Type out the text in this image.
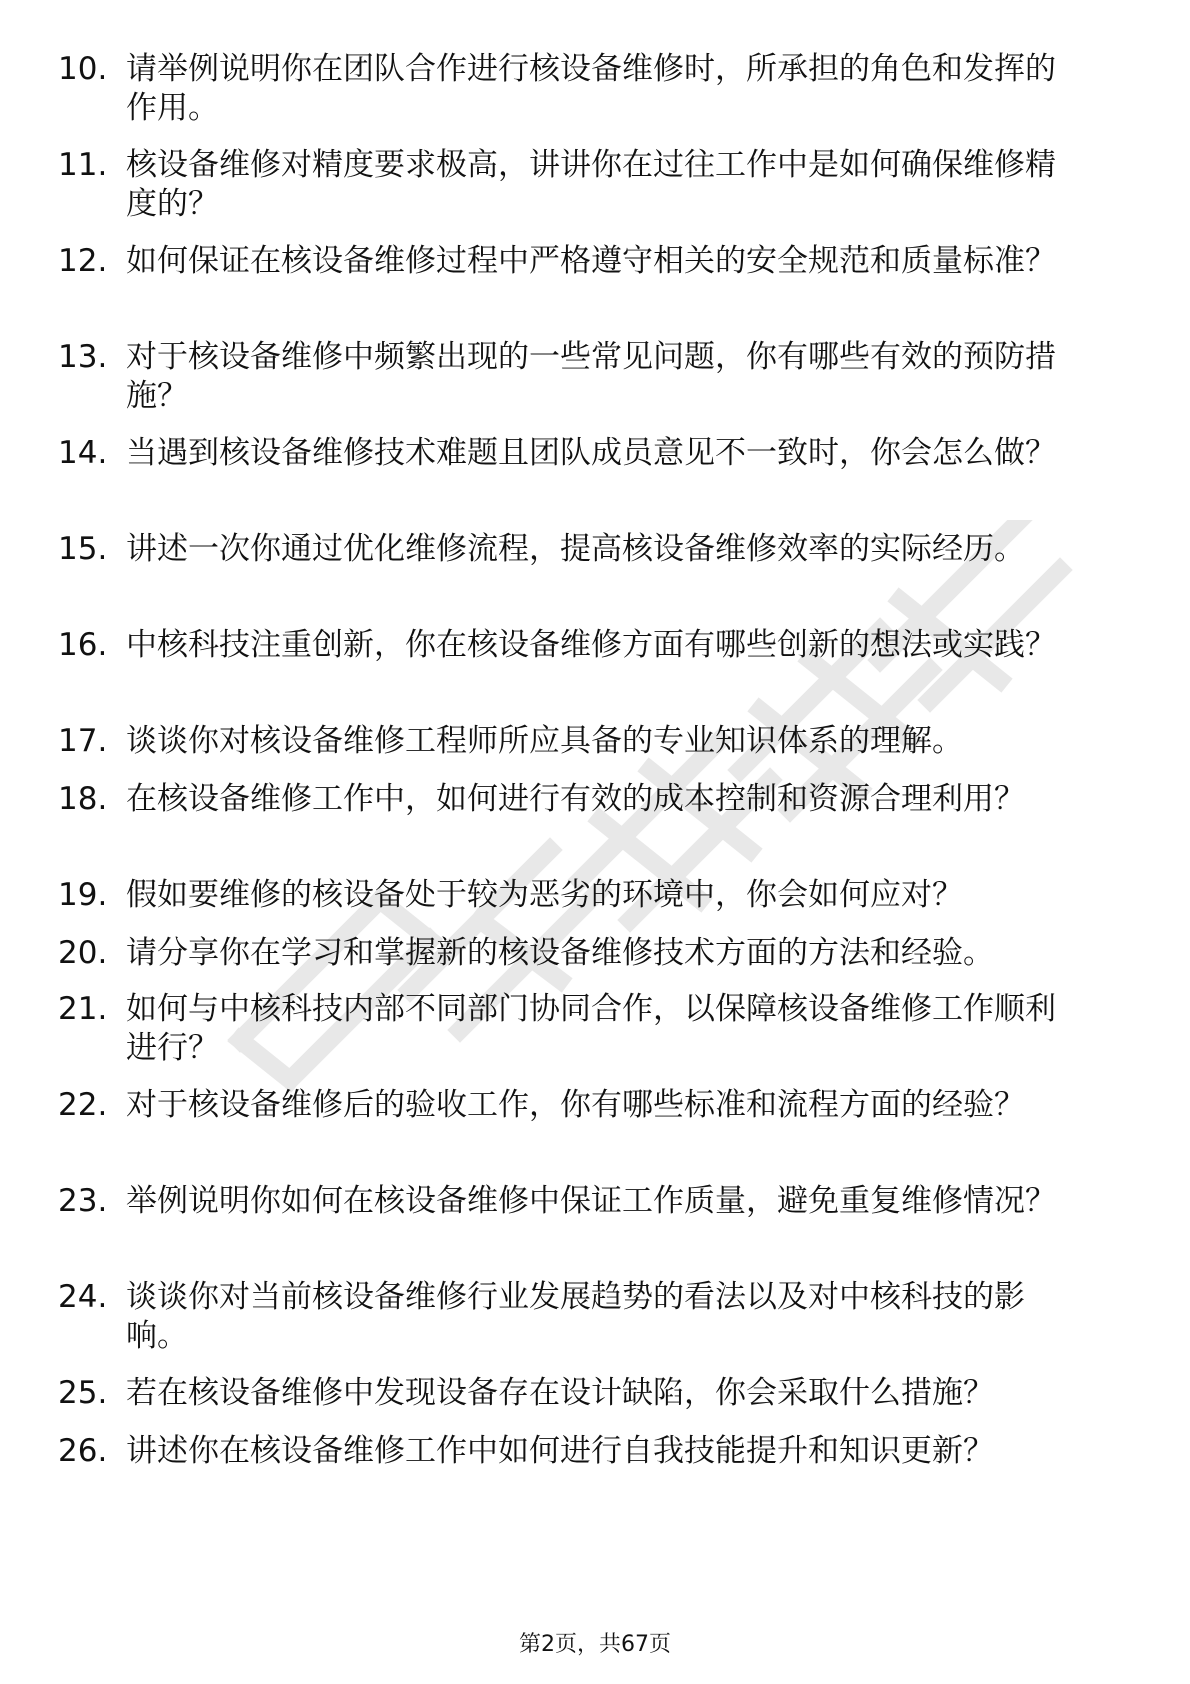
10. 请举例说明你在团队合作进行核设备维修时，所承担的角色和发挥的作用。
11. 核设备维修对精度要求极高，讲讲你在过往工作中是如何确保维修精度的？
12. 如何保证在核设备维修过程中严格遵守相关的安全规范和质量标准？
13. 对于核设备维修中频繁出现的一些常见问题，你有哪些有效的预防措施？
14. 当遇到核设备维修技术难题且团队成员意见不一致时，你会怎么做？
15. 讲述一次你通过优化维修流程，提高核设备维修效率的实际经历。
16. 中核科技注重创新，你在核设备维修方面有哪些创新的想法或实践？
17. 谈谈你对核设备维修工程师所应具备的专业知识体系的理解。
18. 在核设备维修工作中，如何进行有效的成本控制和资源合理利用？
19. 假如要维修的核设备处于较为恶劣的环境中，你会如何应对？
20. 请分享你在学习和掌握新的核设备维修技术方面的方法和经验。
21. 如何与中核科技内部不同部门协同合作，以保障核设备维修工作顺利进行？
22. 对于核设备维修后的验收工作，你有哪些标准和流程方面的经验？
23. 举例说明你如何在核设备维修中保证工作质量，避免重复维修情况？
24. 谈谈你对当前核设备维修行业发展趋势的看法以及对中核科技的影响。
25. 若在核设备维修中发现设备存在设计缺陷，你会采取什么措施？
26. 讲述你在核设备维修工作中如何进行自我技能提升和知识更新？
第2页，共67页
